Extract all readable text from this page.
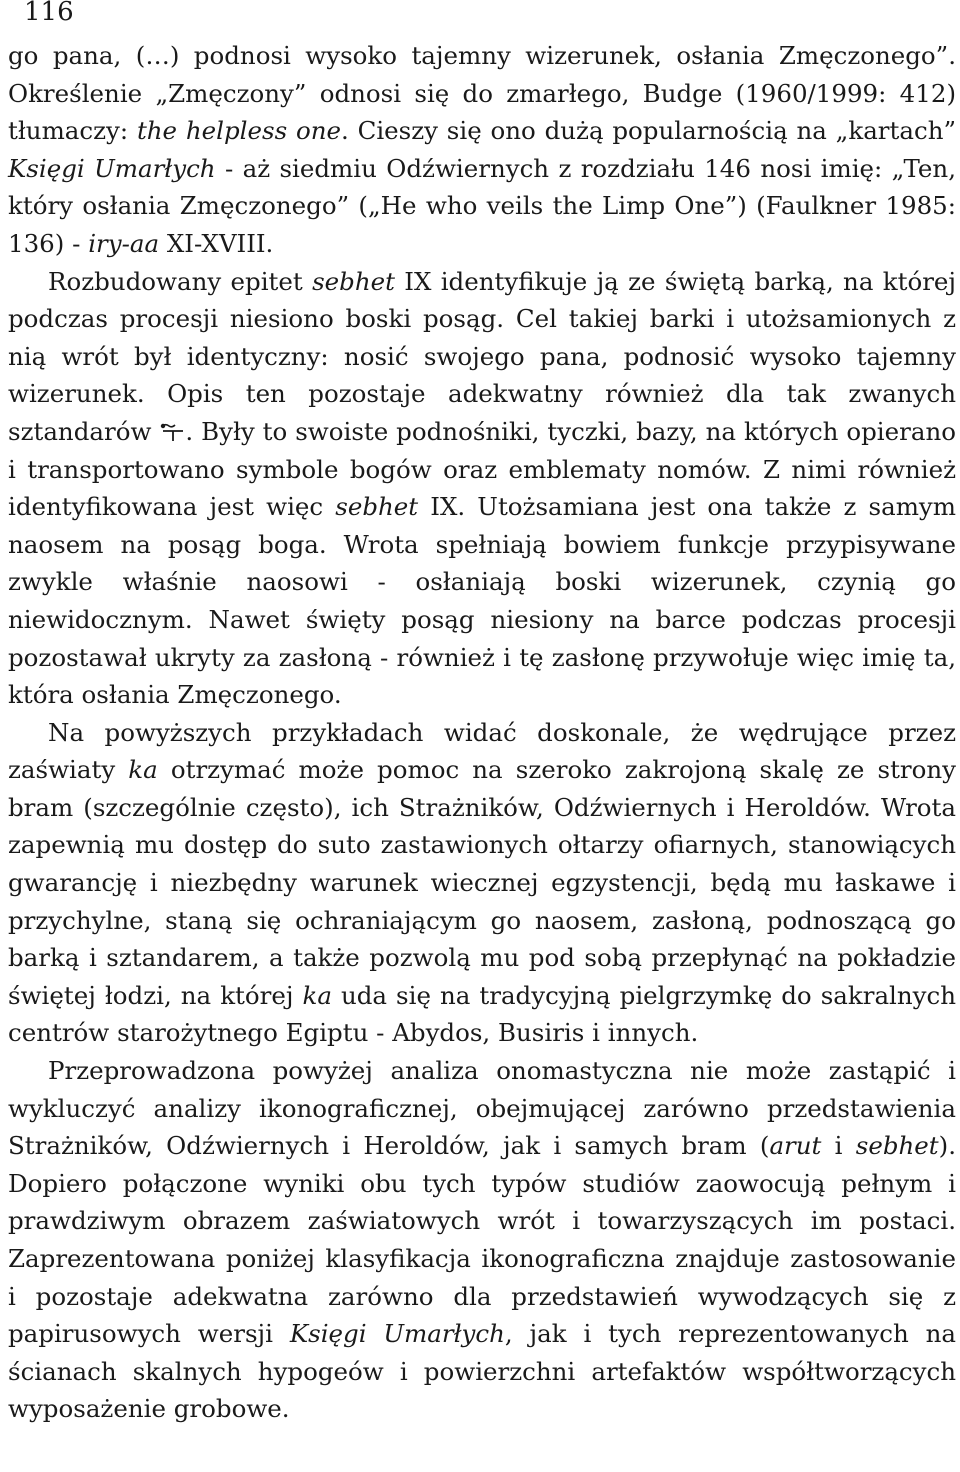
116

go pana, (…) podnosi wysoko tajemny wizerunek, osłania Zmęczonego”. Określenie „Zmęczony” odnosi się do zmarłego, Budge (1960/1999: 412) tłumaczy: the helpless one. Cieszy się ono dużą popularnością na „kartach” Księgi Umarłych - aż siedmiu Odźwiernych z rozdziału 146 nosi imię: „Ten, który osłania Zmęczonego” („He who veils the Limp One”) (Faulkner 1985: 136) - iry-aa XI-XVIII.

Rozbudowany epitet sebhet IX identyfikuje ją ze świętą barką, na której podczas procesji niesiono boski posąg. Cel takiej barki i utożsamionych z nią wrót był identyczny: nosić swojego pana, podnosić wysoko tajemny wizerunek. Opis ten pozostaje adekwatny również dla tak zwanych sztandarów
. Były to swoiste podnośniki, tyczki, bazy, na których opierano i transportowano symbole bogów oraz emblematy nomów. Z nimi również identyfikowana jest więc sebhet IX. Utożsamiana jest ona także z samym naosem na posąg boga. Wrota spełniają bowiem funkcje przypisywane zwykle właśnie naosowi - osłaniają boski wizerunek, czynią go niewidocznym. Nawet święty posąg niesiony na barce podczas procesji pozostawał ukryty za zasłoną - również i tę zasłonę przywołuje więc imię ta, która osłania Zmęczonego.

Na powyższych przykładach widać doskonale, że wędrujące przez zaświaty ka otrzymać może pomoc na szeroko zakrojoną skalę ze strony bram (szczególnie często), ich Strażników, Odźwiernych i Heroldów. Wrota zapewnią mu dostęp do suto zastawionych ołtarzy ofiarnych, stanowiących gwarancję i niezbędny warunek wiecznej egzystencji, będą mu łaskawe i przychylne, staną się ochraniającym go naosem, zasłoną, podnoszącą go barką i sztandarem, a także pozwolą mu pod sobą przepłynąć na pokładzie świętej łodzi, na której ka uda się na tradycyjną pielgrzymkę do sakralnych centrów starożytnego Egiptu - Abydos, Busiris i innych.

Przeprowadzona powyżej analiza onomastyczna nie może zastąpić i wykluczyć analizy ikonograficznej, obejmującej zarówno przedstawienia Strażników, Odźwiernych i Heroldów, jak i samych bram (arut i sebhet). Dopiero połączone wyniki obu tych typów studiów zaowocują pełnym i prawdziwym obrazem zaświatowych wrót i towarzyszących im postaci. Zaprezentowana poniżej klasyfikacja ikonograficzna znajduje zastosowanie i pozostaje adekwatna zarówno dla przedstawień wywodzących się z papirusowych wersji Księgi Umarłych, jak i tych reprezentowanych na ścianach skalnych hypogeów i powierzchni artefaktów współtworzących wyposażenie grobowe.
